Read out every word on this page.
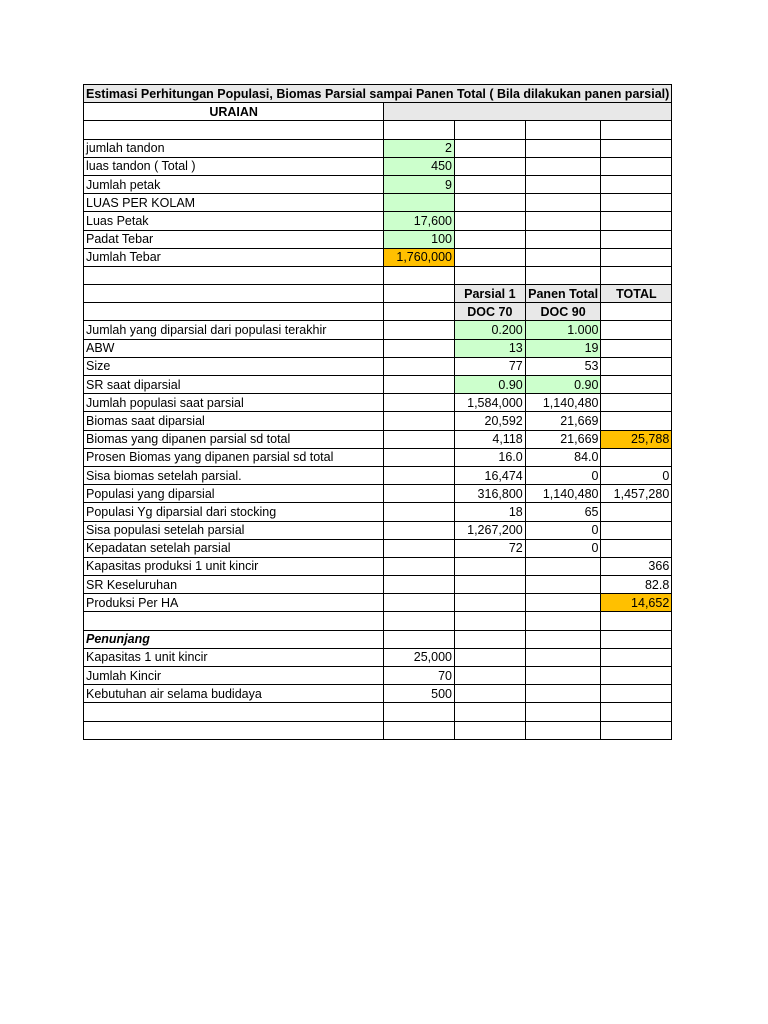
Estimasi Perhitungan Populasi, Biomas Parsial sampai Panen Total ( Bila dilakukan panen parsial)				
URAIAN				

jumlah tandon	2			
luas tandon ( Total )	450			
Jumlah petak	9			
LUAS PER KOLAM				
Luas Petak	17,600			
Padat Tebar	100			
Jumlah Tebar	1,760,000			

		Parsial 1	Panen Total	TOTAL
		DOC 70	DOC 90	
Jumlah yang diparsial dari populasi terakhir		0.200	1.000	
ABW		13	19	
Size		77	53	
SR saat diparsial		0.90	0.90	
Jumlah populasi saat parsial		1,584,000	1,140,480	
Biomas saat diparsial		20,592	21,669	
Biomas yang dipanen parsial sd total		4,118	21,669	25,788
Prosen Biomas yang dipanen parsial sd total		16.0	84.0	
Sisa biomas setelah parsial.		16,474	0	0
Populasi yang diparsial		316,800	1,140,480	1,457,280
Populasi Yg diparsial dari stocking		18	65	
Sisa populasi setelah parsial		1,267,200	0	
Kepadatan setelah parsial		72	0	
Kapasitas produksi 1 unit kincir				366
SR Keseluruhan				82.8
Produksi Per HA				14,652

Penunjang				
Kapasitas 1 unit kincir	25,000			
Jumlah Kincir	70			
Kebutuhan air selama budidaya	500			
